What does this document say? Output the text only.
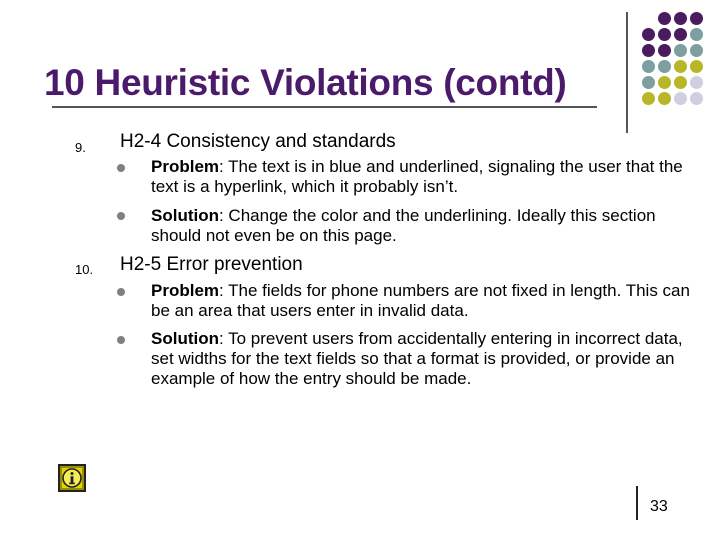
10 Heuristic Violations (contd)
9. H2-4 Consistency and standards
Problem: The text is in blue and underlined, signaling the user that the text is a hyperlink, which it probably isn’t.
Solution: Change the color and the underlining. Ideally this section should not even be on this page.
10. H2-5 Error prevention
Problem: The fields for phone numbers are not fixed in length. This can be an area that users enter in invalid data.
Solution: To prevent users from accidentally entering in incorrect data, set widths for the text fields so that a format is provided, or provide an example of how the entry should be made.
33
